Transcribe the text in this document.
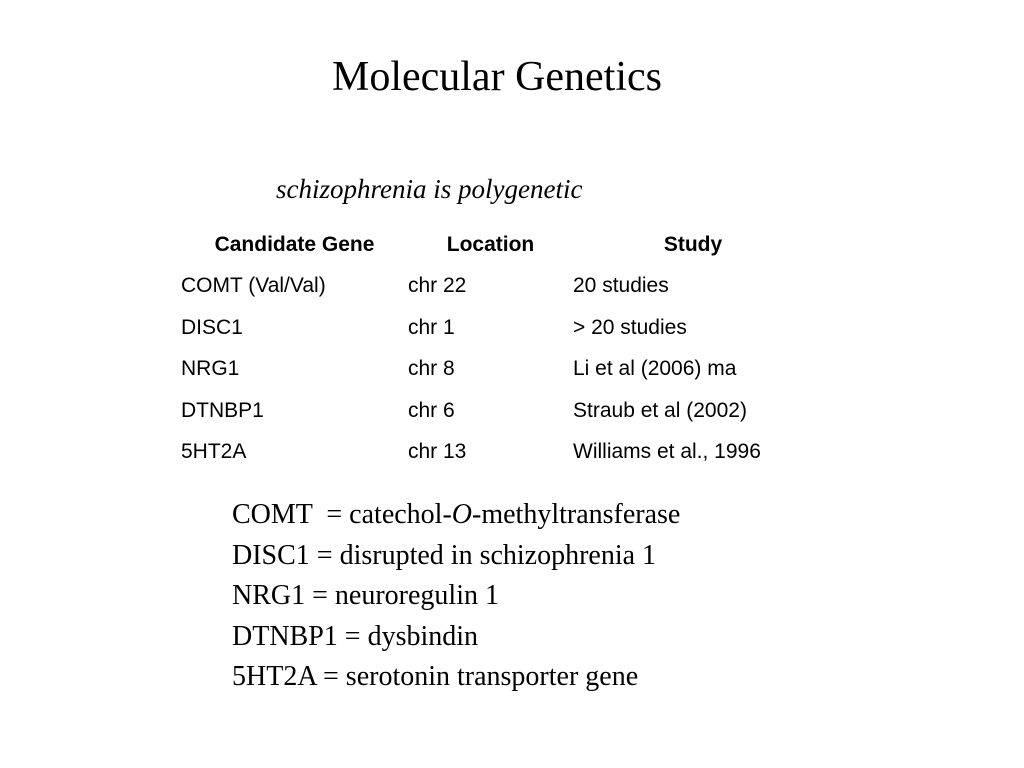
Molecular Genetics
schizophrenia is polygenetic
Candidate Gene	Location	Study
COMT (Val/Val)	chr 22	20 studies
DISC1	chr 1	> 20 studies
NRG1	chr 8	Li et al (2006) ma
DTNBP1	chr 6	Straub et al (2002)
5HT2A	chr 13	Williams et al., 1996
COMT  = catechol-O-methyltransferase
DISC1 = disrupted in schizophrenia 1
NRG1 = neuroregulin 1
DTNBP1 = dysbindin
5HT2A = serotonin transporter gene
